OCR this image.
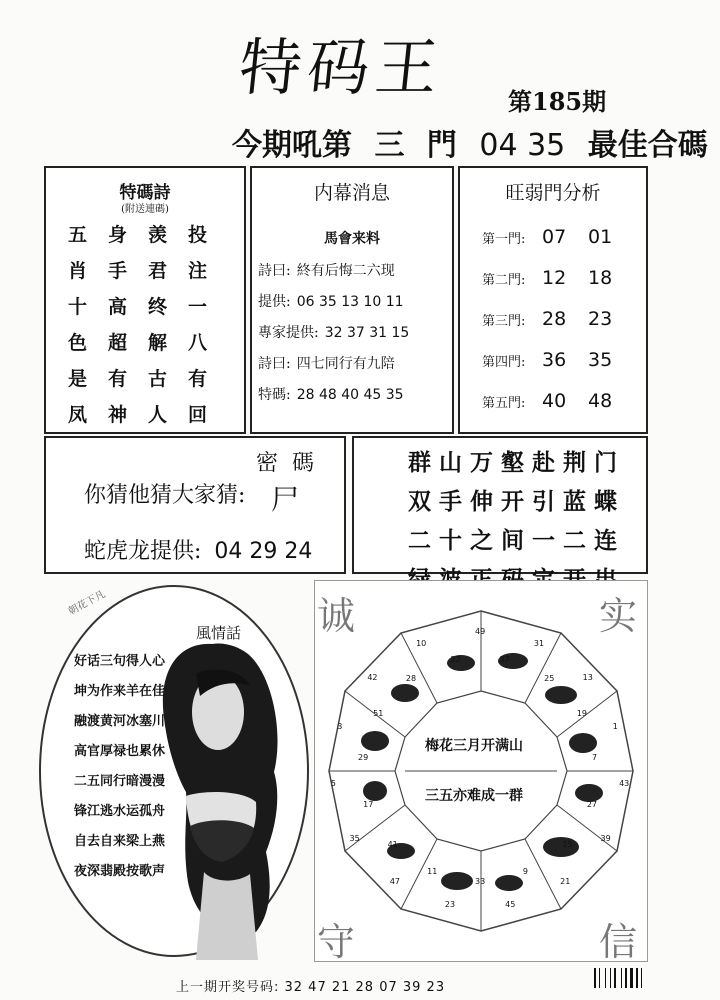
特码王	第185期
今期吼第 三 門 04 35 最佳合碼
特碼詩
(附送連碼)
五	身	羡	投
肖	手	君	注
十	高	终	一
色	超	解	八
是	有	古	有
凤	神	人	回
内幕消息
馬會来料
詩曰: 終有后悔二六现
提供: 06 35 13 10 11
專家提供: 32 37 31 15
詩曰: 四七同行有九陪
特碼: 28 48 40 45 35
旺弱門分析
第一門: 07 01
第二門: 12 18
第三門: 28 23
第四門: 36 35
第五門: 40 48
你猜他猜大家猜:
密碼
尸
蛇虎龙提供: 04 29 24
群 山 万 壑 赴 荆 门
双 手 伸 开 引 蓝 蝶
二 十 之 间 一 二 连
風情話
朝花下凡
好话三句得人心
坤为作来羊在佳
融渡黄河冰塞川
高官厚禄也累休
二五同行暗漫漫
锋江逃水运孤舟
自去自来梁上燕
夜深翡殿按歌声
诚	实
守	信
梅花三月开满山
三五亦难成一群
49
37
31
25	13
19
1
7
43
27
39
15
21
9
45
33
23
11
47
41
35
17
5
29
3
51
42	28
10
22
上一期开奖号码: 32 47 21 28 07 39 23
